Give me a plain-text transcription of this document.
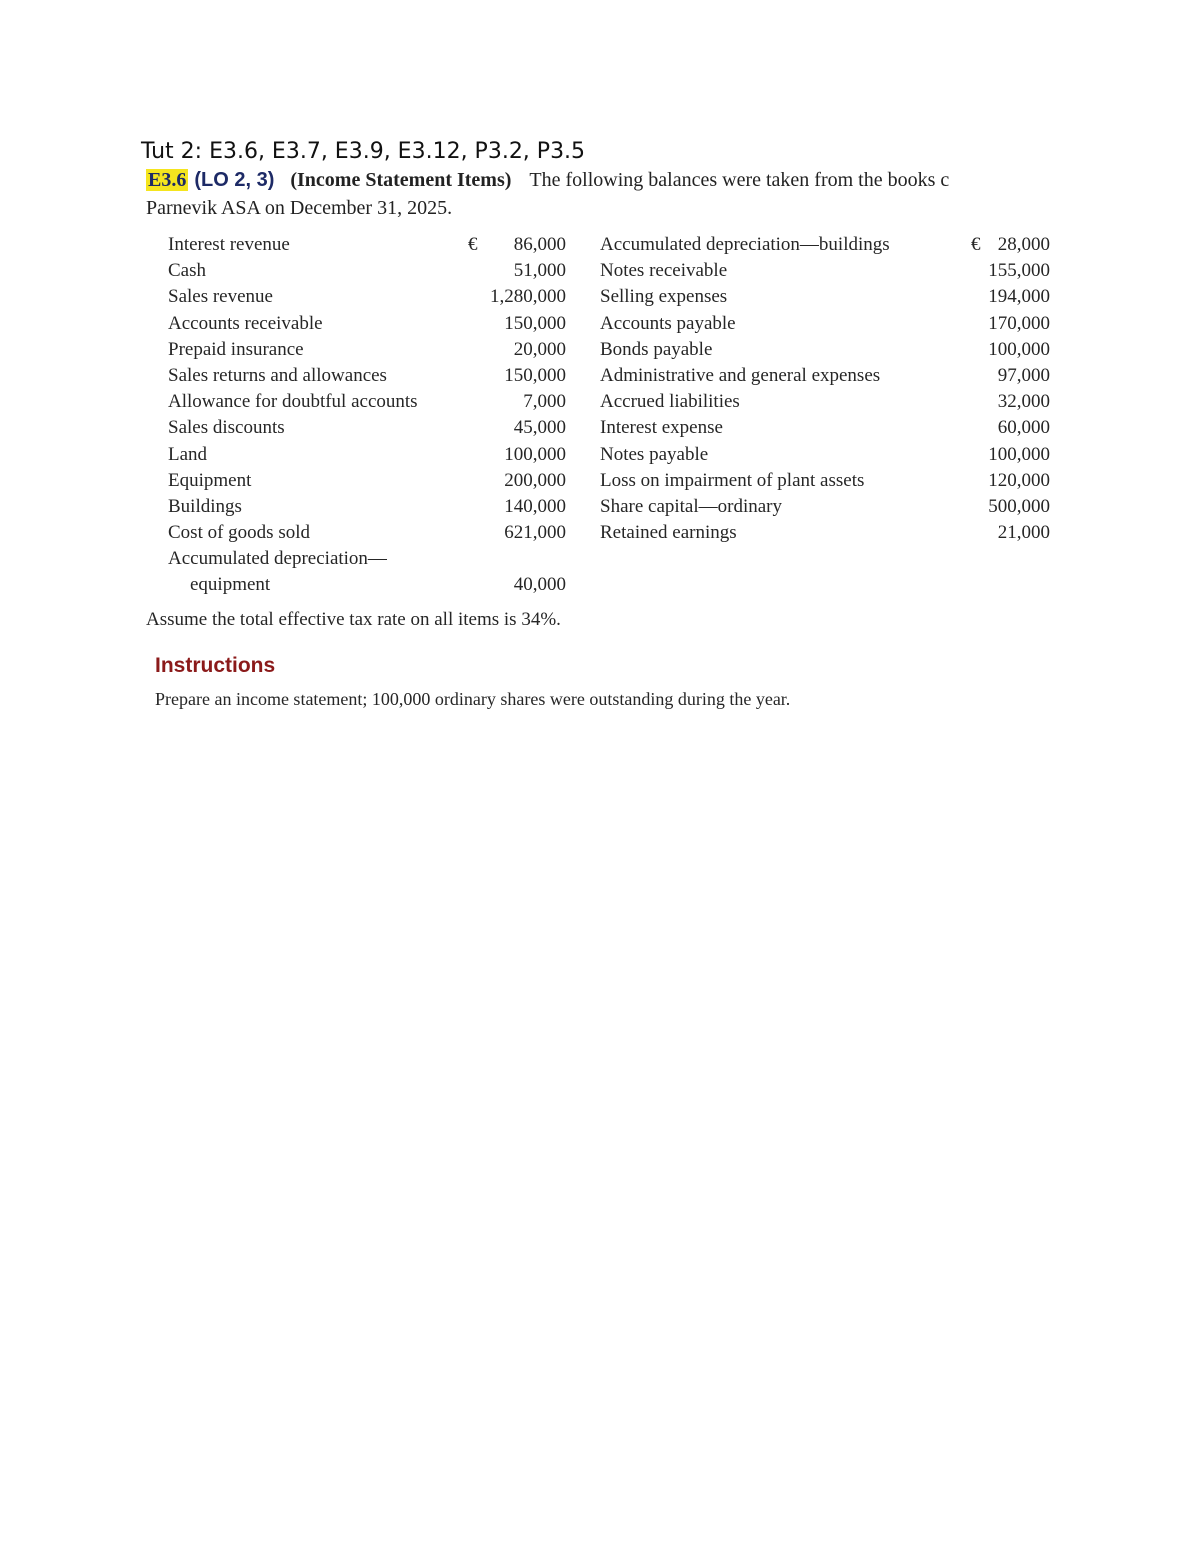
Tut 2: E3.6, E3.7, E3.9, E3.12, P3.2, P3.5
E3.6 (LO 2, 3) (Income Statement Items) The following balances were taken from the books c
Parnevik ASA on December 31, 2025.
Interest revenue	€ 86,000
Cash	51,000
Sales revenue	1,280,000
Accounts receivable	150,000
Prepaid insurance	20,000
Sales returns and allowances	150,000
Allowance for doubtful accounts	7,000
Sales discounts	45,000
Land	100,000
Equipment	200,000
Buildings	140,000
Cost of goods sold	621,000
Accumulated depreciation—
equipment	40,000
Accumulated depreciation—buildings	€ 28,000
Notes receivable	155,000
Selling expenses	194,000
Accounts payable	170,000
Bonds payable	100,000
Administrative and general expenses	97,000
Accrued liabilities	32,000
Interest expense	60,000
Notes payable	100,000
Loss on impairment of plant assets	120,000
Share capital—ordinary	500,000
Retained earnings	21,000
Assume the total effective tax rate on all items is 34%.
Instructions
Prepare an income statement; 100,000 ordinary shares were outstanding during the year.
